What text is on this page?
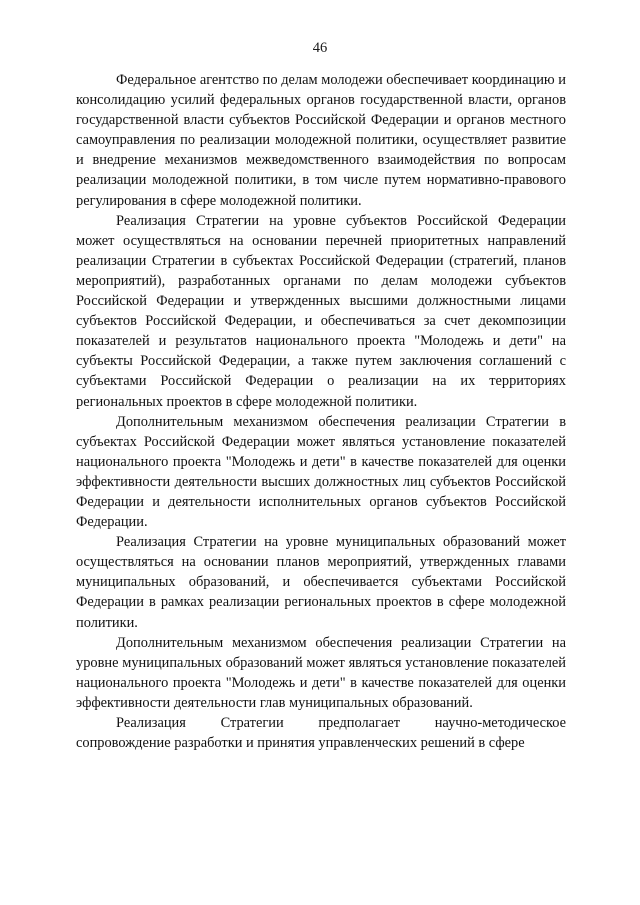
46

Федеральное агентство по делам молодежи обеспечивает координацию и консолидацию усилий федеральных органов государственной власти, органов государственной власти субъектов Российской Федерации и органов местного самоуправления по реализации молодежной политики, осуществляет развитие и внедрение механизмов межведомственного взаимодействия по вопросам реализации молодежной политики, в том числе путем нормативно-правового регулирования в сфере молодежной политики.

Реализация Стратегии на уровне субъектов Российской Федерации может осуществляться на основании перечней приоритетных направлений реализации Стратегии в субъектах Российской Федерации (стратегий, планов мероприятий), разработанных органами по делам молодежи субъектов Российской Федерации и утвержденных высшими должностными лицами субъектов Российской Федерации, и обеспечиваться за счет декомпозиции показателей и результатов национального проекта "Молодежь и дети" на субъекты Российской Федерации, а также путем заключения соглашений с субъектами Российской Федерации о реализации на их территориях региональных проектов в сфере молодежной политики.

Дополнительным механизмом обеспечения реализации Стратегии в субъектах Российской Федерации может являться установление показателей национального проекта "Молодежь и дети" в качестве показателей для оценки эффективности деятельности высших должностных лиц субъектов Российской Федерации и деятельности исполнительных органов субъектов Российской Федерации.

Реализация Стратегии на уровне муниципальных образований может осуществляться на основании планов мероприятий, утвержденных главами муниципальных образований, и обеспечивается субъектами Российской Федерации в рамках реализации региональных проектов в сфере молодежной политики.

Дополнительным механизмом обеспечения реализации Стратегии на уровне муниципальных образований может являться установление показателей национального проекта "Молодежь и дети" в качестве показателей для оценки эффективности деятельности глав муниципальных образований.

Реализация Стратегии предполагает научно-методическое сопровождение разработки и принятия управленческих решений в сфере
